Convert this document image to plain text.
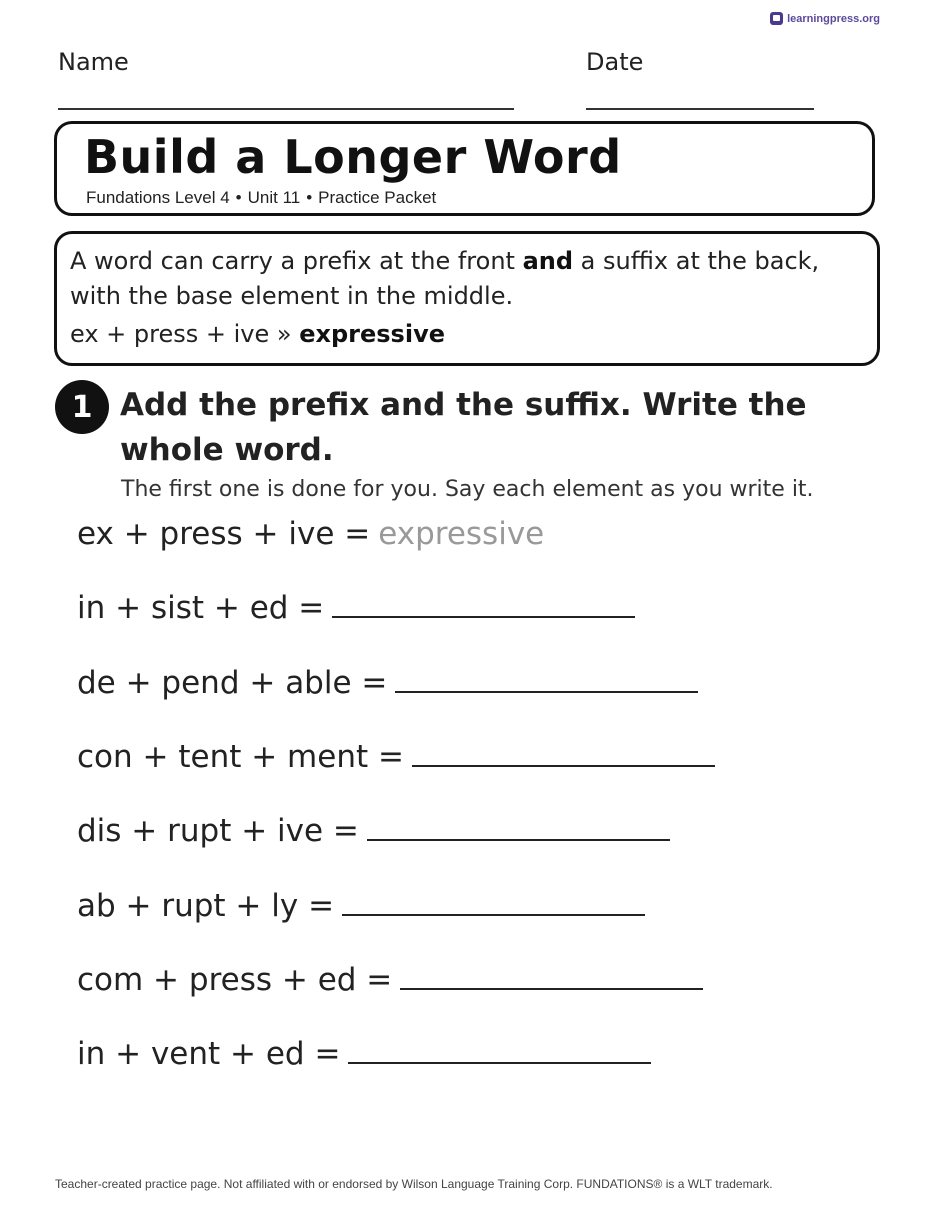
learningpress.org
Name	Date
Build a Longer Word
Fundations Level 4 • Unit 11 • Practice Packet
A word can carry a prefix at the front and a suffix at the back,
with the base element in the middle.
ex + press + ive » expressive
1 Add the prefix and the suffix. Write the whole word.
The first one is done for you. Say each element as you write it.
ex + press + ive = expressive
in + sist + ed =
de + pend + able =
con + tent + ment =
dis + rupt + ive =
ab + rupt + ly =
com + press + ed =
in + vent + ed =
Teacher-created practice page. Not affiliated with or endorsed by Wilson Language Training Corp. FUNDATIONS® is a WLT trademark.
